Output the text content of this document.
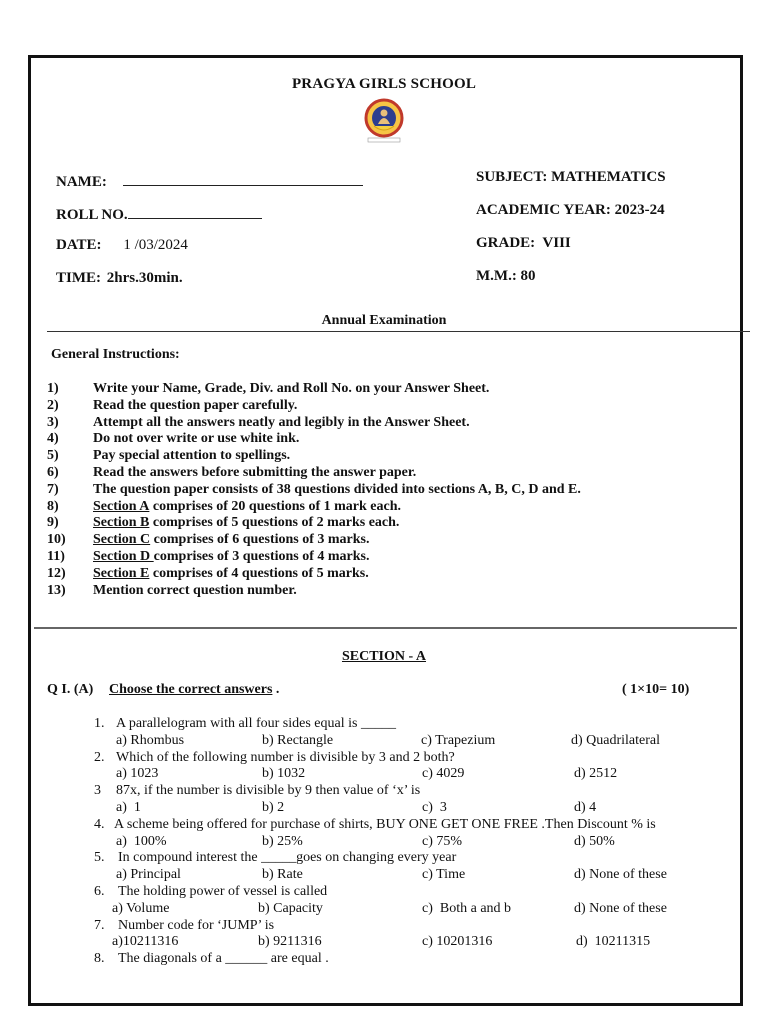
PRAGYA GIRLS SCHOOL
NAME:
ROLL NO.
DATE: 1 /03/2024
TIME: 2hrs.30min.
SUBJECT: MATHEMATICS
ACADEMIC YEAR: 2023-24
GRADE:  VIII
M.M.: 80
Annual Examination
General Instructions:
1)	Write your Name, Grade, Div. and Roll No. on your Answer Sheet.
2)	Read the question paper carefully.
3)	Attempt all the answers neatly and legibly in the Answer Sheet.
4)	Do not over write or use white ink.
5)	Pay special attention to spellings.
6)	Read the answers before submitting the answer paper.
7)	The question paper consists of 38 questions divided into sections A, B, C, D and E.
8)	Section A comprises of 20 questions of 1 mark each.
9)	Section B comprises of 5 questions of 2 marks each.
10)	Section C comprises of 6 questions of 3 marks.
11)	Section D comprises of 3 questions of 4 marks.
12)	Section E comprises of 4 questions of 5 marks.
13)	Mention correct question number.
SECTION - A
Q I. (A) Choose the correct answers .	( 1×10= 10)
1. A parallelogram with all four sides equal is _____
a) Rhombus	b) Rectangle	c) Trapezium	d) Quadrilateral
2. Which of the following number is divisible by 3 and 2 both?
a) 1023	b) 1032	c) 4029	d) 2512
3 87x, if the number is divisible by 9 then value of ‘x’ is
a)  1	b) 2	c)  3	d) 4
4. A scheme being offered for purchase of shirts, BUY ONE GET ONE FREE .Then Discount % is
a)  100%	b) 25%	c) 75%	d) 50%
5. In compound interest the _____goes on changing every year
a) Principal	b) Rate	c) Time	d) None of these
6. The holding power of vessel is called
a) Volume	b) Capacity	c)  Both a and b	d) None of these
7. Number code for ‘JUMP’ is
a)10211316	b) 9211316	c) 10201316	d)  10211315
8. The diagonals of a ______ are equal .
